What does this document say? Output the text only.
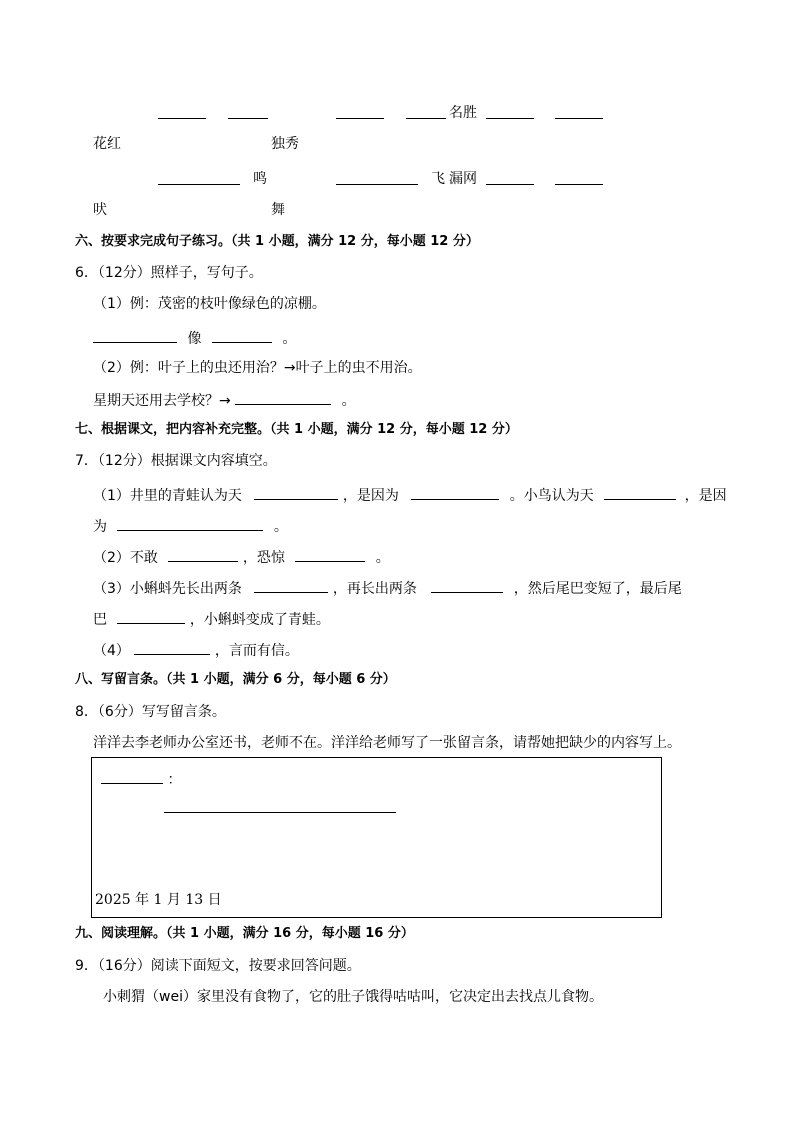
名胜
花红	独秀
鸣	飞 漏网
吠	舞
六、按要求完成句子练习。（共 1 小题，满分 12 分，每小题 12 分）
6．（12分）照样子，写句子。
（1）例：茂密的枝叶像绿色的凉棚。
像	。
（2）例：叶子上的虫还用治？→叶子上的虫不用治。
星期天还用去学校？→	。
七、根据课文，把内容补充完整。（共 1 小题，满分 12 分，每小题 12 分）
7．（12分）根据课文内容填空。
（1）井里的青蛙认为天	，是因为	。小鸟认为天	，是因
为	。
（2）不敢	，恐惊	。
（3）小蝌蚪先长出两条	，再长出两条	，然后尾巴变短了，最后尾
巴	，小蝌蚪变成了青蛙。
（4）	，言而有信。
八、写留言条。（共 1 小题，满分 6 分，每小题 6 分）
8．（6分）写写留言条。
洋洋去李老师办公室还书，老师不在。洋洋给老师写了一张留言条，请帮她把缺少的内容写上。
：
2025 年 1 月 13 日
九、阅读理解。（共 1 小题，满分 16 分，每小题 16 分）
9．（16分）阅读下面短文，按要求回答问题。
小刺猬（wei）家里没有食物了，它的肚子饿得咕咕叫，它决定出去找点儿食物。
